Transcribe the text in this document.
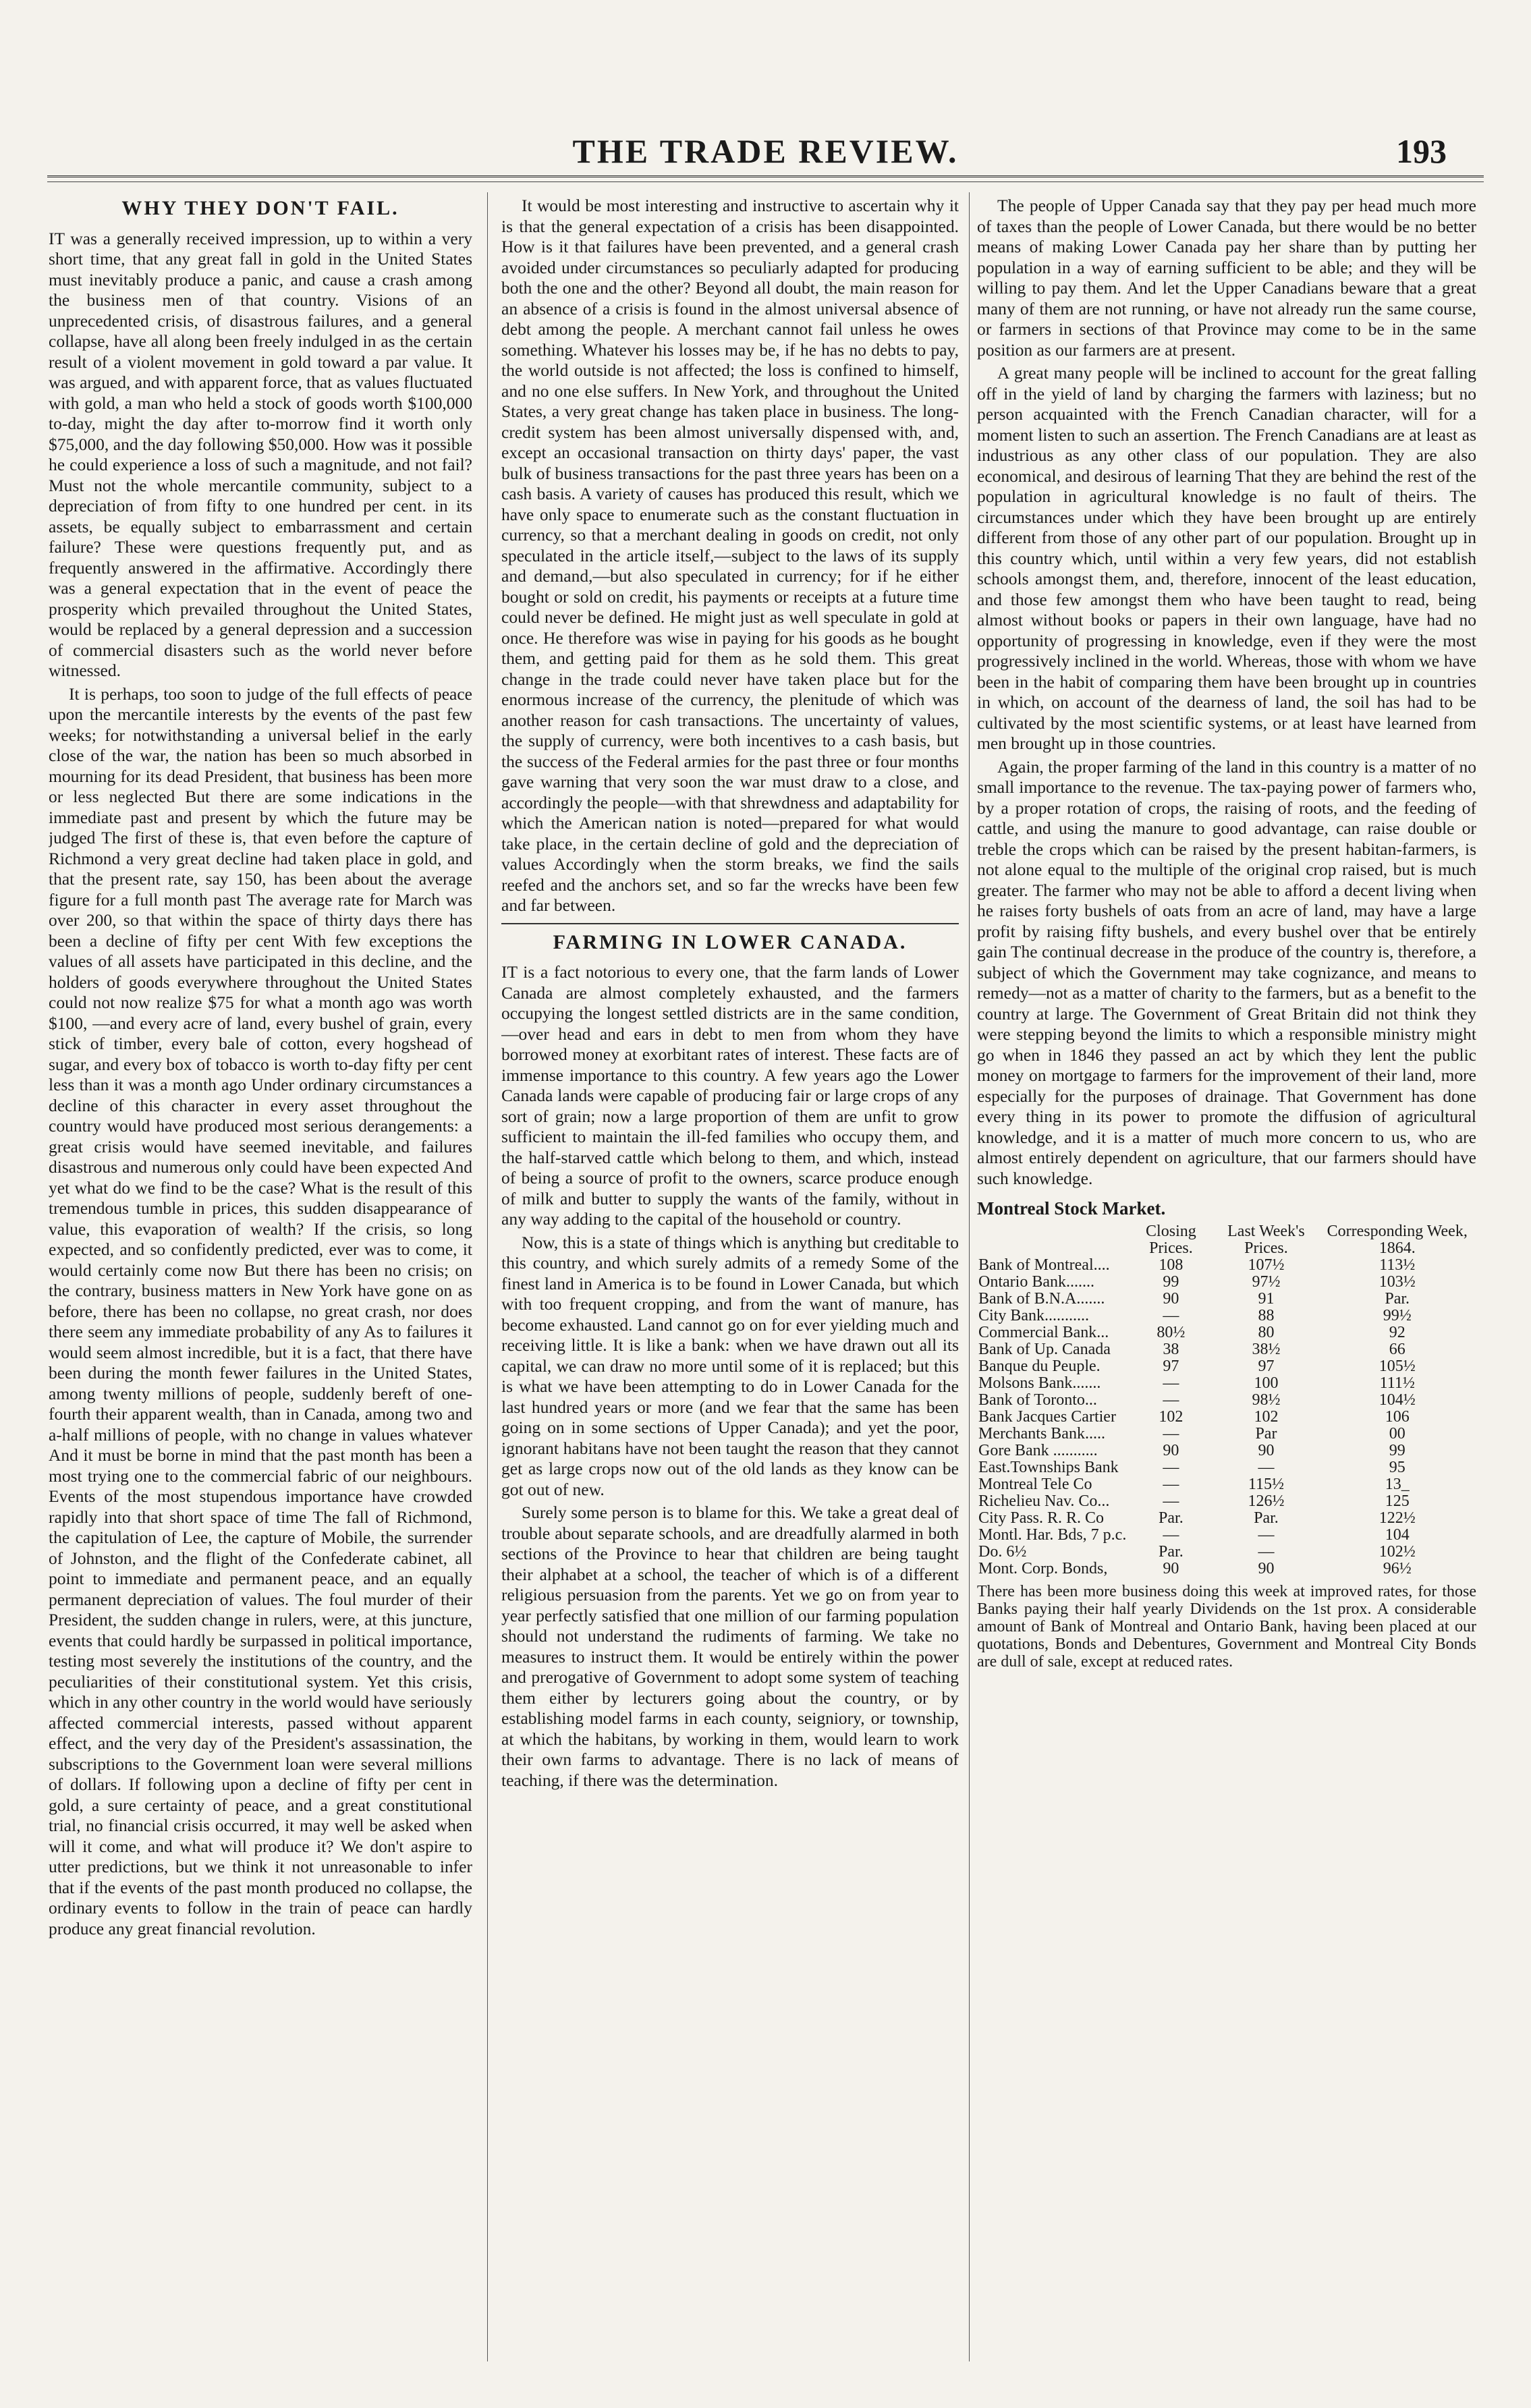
THE TRADE REVIEW.	193
WHY THEY DON'T FAIL.

IT was a generally received impression, up to within a very short time, that any great fall in gold in the United States must inevitably produce a panic, and cause a crash among the business men of that country. Visions of an unprecedented crisis, of disastrous failures, and a general collapse, have all along been freely indulged in as the certain result of a violent movement in gold toward a par value. It was argued, and with apparent force, that as values fluctuated with gold, a man who held a stock of goods worth $100,000 to-day, might the day after to-morrow find it worth only $75,000, and the day following $50,000. How was it possible he could experience a loss of such a magnitude, and not fail? Must not the whole mercantile community, subject to a depreciation of from fifty to one hundred per cent. in its assets, be equally subject to embarrassment and certain failure? These were questions frequently put, and as frequently answered in the affirmative. Accordingly there was a general expectation that in the event of peace the prosperity which prevailed throughout the United States, would be replaced by a general depression and a succession of commercial disasters such as the world never before witnessed.

It is perhaps, too soon to judge of the full effects of peace upon the mercantile interests by the events of the past few weeks; for notwithstanding a universal belief in the early close of the war, the nation has been so much absorbed in mourning for its dead President, that business has been more or less neglected But there are some indications in the immediate past and present by which the future may be judged The first of these is, that even before the capture of Richmond a very great decline had taken place in gold, and that the present rate, say 150, has been about the average figure for a full month past The average rate for March was over 200, so that within the space of thirty days there has been a decline of fifty per cent With few exceptions the values of all assets have participated in this decline, and the holders of goods everywhere throughout the United States could not now realize $75 for what a month ago was worth $100, —and every acre of land, every bushel of grain, every stick of timber, every bale of cotton, every hogshead of sugar, and every box of tobacco is worth to-day fifty per cent less than it was a month ago Under ordinary circumstances a decline of this character in every asset throughout the country would have produced most serious derangements: a great crisis would have seemed inevitable, and failures disastrous and numerous only could have been expected And yet what do we find to be the case? What is the result of this tremendous tumble in prices, this sudden disappearance of value, this evaporation of wealth? If the crisis, so long expected, and so confidently predicted, ever was to come, it would certainly come now But there has been no crisis; on the contrary, business matters in New York have gone on as before, there has been no collapse, no great crash, nor does there seem any immediate probability of any As to failures it would seem almost incredible, but it is a fact, that there have been during the month fewer failures in the United States, among twenty millions of people, suddenly bereft of one-fourth their apparent wealth, than in Canada, among two and a-half millions of people, with no change in values whatever And it must be borne in mind that the past month has been a most trying one to the commercial fabric of our neighbours. Events of the most stupendous importance have crowded rapidly into that short space of time The fall of Richmond, the capitulation of Lee, the capture of Mobile, the surrender of Johnston, and the flight of the Confederate cabinet, all point to immediate and permanent peace, and an equally permanent depreciation of values. The foul murder of their President, the sudden change in rulers, were, at this juncture, events that could hardly be surpassed in political importance, testing most severely the institutions of the country, and the peculiarities of their constitutional system. Yet this crisis, which in any other country in the world would have seriously affected commercial interests, passed without apparent effect, and the very day of the President's assassination, the subscriptions to the Government loan were several millions of dollars. If following upon a decline of fifty per cent in gold, a sure certainty of peace, and a great constitutional trial, no financial crisis occurred, it may well be asked when will it come, and what will produce it? We don't aspire to utter predictions, but we think it not unreasonable to infer that if the events of the past month produced no collapse, the ordinary events to follow in the train of peace can hardly produce any great financial revolution.

It would be most interesting and instructive to ascertain why it is that the general expectation of a crisis has been disappointed. How is it that failures have been prevented, and a general crash avoided under circumstances so peculiarly adapted for producing both the one and the other? Beyond all doubt, the main reason for an absence of a crisis is found in the almost universal absence of debt among the people. A merchant cannot fail unless he owes something. Whatever his losses may be, if he has no debts to pay, the world outside is not affected; the loss is confined to himself, and no one else suffers. In New York, and throughout the United States, a very great change has taken place in business. The long-credit system has been almost universally dispensed with, and, except an occasional transaction on thirty days' paper, the vast bulk of business transactions for the past three years has been on a cash basis. A variety of causes has produced this result, which we have only space to enumerate such as the constant fluctuation in currency, so that a merchant dealing in goods on credit, not only speculated in the article itself,—subject to the laws of its supply and demand,—but also speculated in currency; for if he either bought or sold on credit, his payments or receipts at a future time could never be defined. He might just as well speculate in gold at once. He therefore was wise in paying for his goods as he bought them, and getting paid for them as he sold them. This great change in the trade could never have taken place but for the enormous increase of the currency, the plenitude of which was another reason for cash transactions. The uncertainty of values, the supply of currency, were both incentives to a cash basis, but the success of the Federal armies for the past three or four months gave warning that very soon the war must draw to a close, and accordingly the people—with that shrewdness and adaptability for which the American nation is noted—prepared for what would take place, in the certain decline of gold and the depreciation of values Accordingly when the storm breaks, we find the sails reefed and the anchors set, and so far the wrecks have been few and far between.

FARMING IN LOWER CANADA.

IT is a fact notorious to every one, that the farm lands of Lower Canada are almost completely exhausted, and the farmers occupying the longest settled districts are in the same condition,—over head and ears in debt to men from whom they have borrowed money at exorbitant rates of interest. These facts are of immense importance to this country. A few years ago the Lower Canada lands were capable of producing fair or large crops of any sort of grain; now a large proportion of them are unfit to grow sufficient to maintain the ill-fed families who occupy them, and the half-starved cattle which belong to them, and which, instead of being a source of profit to the owners, scarce produce enough of milk and butter to supply the wants of the family, without in any way adding to the capital of the household or country.

Now, this is a state of things which is anything but creditable to this country, and which surely admits of a remedy Some of the finest land in America is to be found in Lower Canada, but which with too frequent cropping, and from the want of manure, has become exhausted. Land cannot go on for ever yielding much and receiving little. It is like a bank: when we have drawn out all its capital, we can draw no more until some of it is replaced; but this is what we have been attempting to do in Lower Canada for the last hundred years or more (and we fear that the same has been going on in some sections of Upper Canada); and yet the poor, ignorant habitans have not been taught the reason that they cannot get as large crops now out of the old lands as they know can be got out of new.

Surely some person is to blame for this. We take a great deal of trouble about separate schools, and are dreadfully alarmed in both sections of the Province to hear that children are being taught their alphabet at a school, the teacher of which is of a different religious persuasion from the parents. Yet we go on from year to year perfectly satisfied that one million of our farming population should not understand the rudiments of farming. We take no measures to instruct them. It would be entirely within the power and prerogative of Government to adopt some system of teaching them either by lecturers going about the country, or by establishing model farms in each county, seigniory, or township, at which the habitans, by working in them, would learn to work their own farms to advantage. There is no lack of means of teaching, if there was the determination.

The people of Upper Canada say that they pay per head much more of taxes than the people of Lower Canada, but there would be no better means of making Lower Canada pay her share than by putting her population in a way of earning sufficient to be able; and they will be willing to pay them. And let the Upper Canadians beware that a great many of them are not running, or have not already run the same course, or farmers in sections of that Province may come to be in the same position as our farmers are at present.

A great many people will be inclined to account for the great falling off in the yield of land by charging the farmers with laziness; but no person acquainted with the French Canadian character, will for a moment listen to such an assertion. The French Canadians are at least as industrious as any other class of our population. They are also economical, and desirous of learning That they are behind the rest of the population in agricultural knowledge is no fault of theirs. The circumstances under which they have been brought up are entirely different from those of any other part of our population. Brought up in this country which, until within a very few years, did not establish schools amongst them, and, therefore, innocent of the least education, and those few amongst them who have been taught to read, being almost without books or papers in their own language, have had no opportunity of progressing in knowledge, even if they were the most progressively inclined in the world. Whereas, those with whom we have been in the habit of comparing them have been brought up in countries in which, on account of the dearness of land, the soil has had to be cultivated by the most scientific systems, or at least have learned from men brought up in those countries.

Again, the proper farming of the land in this country is a matter of no small importance to the revenue. The tax-paying power of farmers who, by a proper rotation of crops, the raising of roots, and the feeding of cattle, and using the manure to good advantage, can raise double or treble the crops which can be raised by the present habitan-farmers, is not alone equal to the multiple of the original crop raised, but is much greater. The farmer who may not be able to afford a decent living when he raises forty bushels of oats from an acre of land, may have a large profit by raising fifty bushels, and every bushel over that be entirely gain The continual decrease in the produce of the country is, therefore, a subject of which the Government may take cognizance, and means to remedy—not as a matter of charity to the farmers, but as a benefit to the country at large. The Government of Great Britain did not think they were stepping beyond the limits to which a responsible ministry might go when in 1846 they passed an act by which they lent the public money on mortgage to farmers for the improvement of their land, more especially for the purposes of drainage. That Government has done every thing in its power to promote the diffusion of agricultural knowledge, and it is a matter of much more concern to us, who are almost entirely dependent on agriculture, that our farmers should have such knowledge.

Montreal Stock Market.
	Closing Prices.	Last Week's Prices.	Corresponding Week, 1864.
Bank of Montreal....	108	107½	113½
Ontario Bank.......	99	97½	103½
Bank of B.N.A.......	90	91	Par.
City Bank...........	—	88	99½
Commercial Bank...	80½	80	92
Bank of Up. Canada	38	38½	66
Banque du Peuple.	97	97	105½
Molsons Bank.......	—	100	111½
Bank of Toronto...	—	98½	104½
Bank Jacques Cartier	102	102	106
Merchants Bank.....	—	Par	00
Gore Bank ...........	90	90	99
East.Townships Bank	—	—	95
Montreal Tele Co	—	115½	13_
Richelieu Nav. Co...	—	126½	125
City Pass. R. R. Co	Par.	Par.	122½
Montl. Har. Bds, 7 p.c.	—	—	104
Do. 6½	Par.	—	102½
Mont. Corp. Bonds,	90	90	96½
There has been more business doing this week at improved rates, for those Banks paying their half yearly Dividends on the 1st prox. A considerable amount of Bank of Montreal and Ontario Bank, having been placed at our quotations, Bonds and Debentures, Government and Montreal City Bonds are dull of sale, except at reduced rates.
